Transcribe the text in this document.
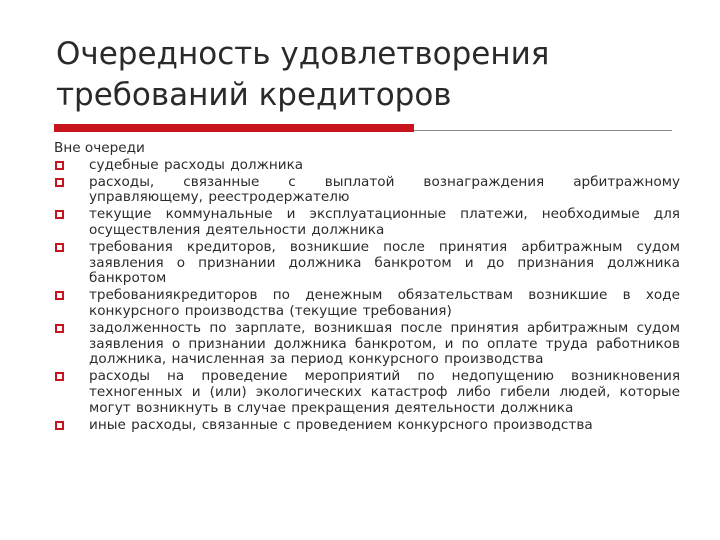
Очередность удовлетворения
требований кредиторов
Вне очереди
судебные расходы должника
расходы, связанные с выплатой вознаграждения арбитражному управляющему, реестродержателю
текущие коммунальные и эксплуатационные платежи, необходимые для осуществления деятельности должника
требования кредиторов, возникшие после принятия арбитражным судом заявления о признании должника банкротом и до признания должника банкротом
требованиякредиторов по денежным обязательствам возникшие в ходе конкурсного производства (текущие требования)
задолженность по зарплате, возникшая после принятия арбитражным судом заявления о признании должника банкротом, и по оплате труда работников должника, начисленная за период конкурсного производства
расходы на проведение мероприятий по недопущению возникновения техногенных и (или) экологических катастроф либо гибели людей, которые могут возникнуть в случае прекращения деятельности должника
иные расходы, связанные с проведением конкурсного производства
